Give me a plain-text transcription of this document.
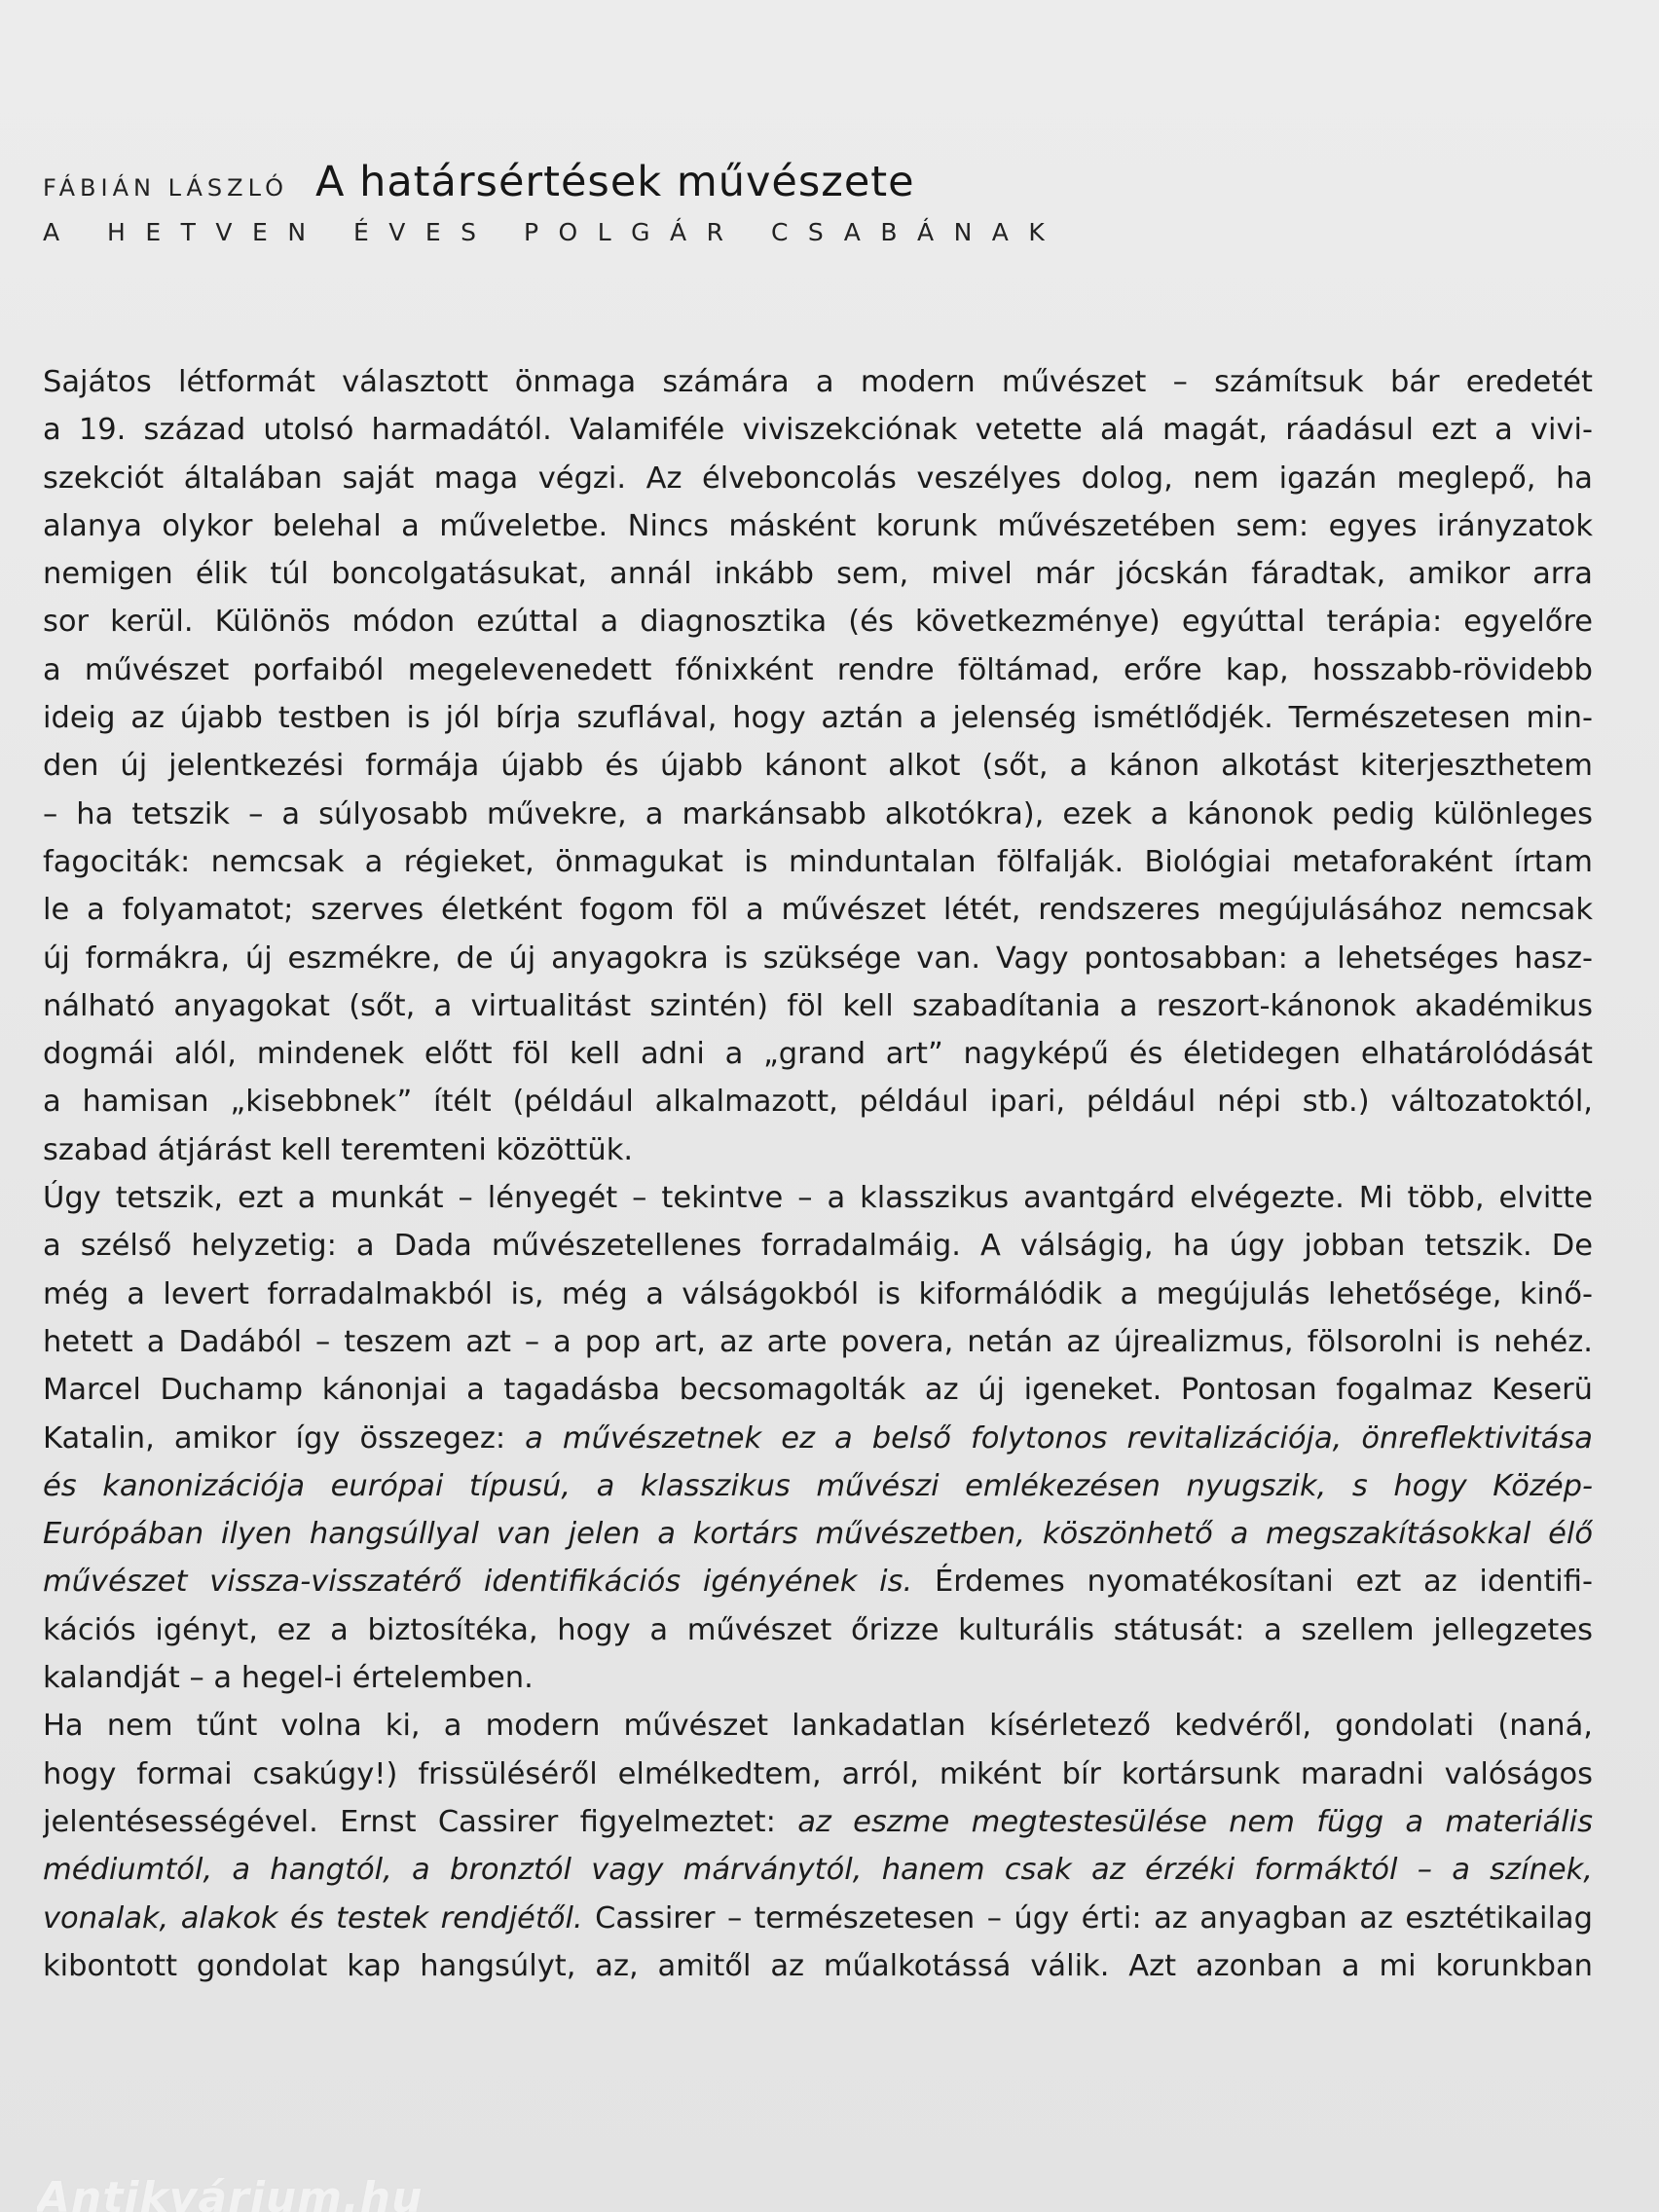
FÁBIÁN LÁSZLÓ A határsértések művészete
A HETVEN ÉVES POLGÁR CSABÁNAK
Sajátos létformát választott önmaga számára a modern művészet – számítsuk bár eredetét
a 19. század utolsó harmadától. Valamiféle viviszekciónak vetette alá magát, ráadásul ezt a vivi-
szekciót általában saját maga végzi. Az élveboncolás veszélyes dolog, nem igazán meglepő, ha
alanya olykor belehal a műveletbe. Nincs másként korunk művészetében sem: egyes irányzatok
nemigen élik túl boncolgatásukat, annál inkább sem, mivel már jócskán fáradtak, amikor arra
sor kerül. Különös módon ezúttal a diagnosztika (és következménye) egyúttal terápia: egyelőre
a művészet porfaiból megelevenedett főnixként rendre föltámad, erőre kap, hosszabb-rövidebb
ideig az újabb testben is jól bírja szuflával, hogy aztán a jelenség ismétlődjék. Természetesen min-
den új jelentkezési formája újabb és újabb kánont alkot (sőt, a kánon alkotást kiterjeszthetem
– ha tetszik – a súlyosabb művekre, a markánsabb alkotókra), ezek a kánonok pedig különleges
fagociták: nemcsak a régieket, önmagukat is minduntalan fölfalják. Biológiai metaforaként írtam
le a folyamatot; szerves életként fogom föl a művészet létét, rendszeres megújulásához nemcsak
új formákra, új eszmékre, de új anyagokra is szüksége van. Vagy pontosabban: a lehetséges hasz-
nálható anyagokat (sőt, a virtualitást szintén) föl kell szabadítania a reszort-kánonok akadémikus
dogmái alól, mindenek előtt föl kell adni a „grand art” nagyképű és életidegen elhatárolódását
a hamisan „kisebbnek” ítélt (például alkalmazott, például ipari, például népi stb.) változatoktól,
szabad átjárást kell teremteni közöttük.
Úgy tetszik, ezt a munkát – lényegét – tekintve – a klasszikus avantgárd elvégezte. Mi több, elvitte
a szélső helyzetig: a Dada művészetellenes forradalmáig. A válságig, ha úgy jobban tetszik. De
még a levert forradalmakból is, még a válságokból is kiformálódik a megújulás lehetősége, kinő-
hetett a Dadából – teszem azt – a pop art, az arte povera, netán az újrealizmus, fölsorolni is nehéz.
Marcel Duchamp kánonjai a tagadásba becsomagolták az új igeneket. Pontosan fogalmaz Keserü
Katalin, amikor így összegez: a művészetnek ez a belső folytonos revitalizációja, önreflektivitása
és kanonizációja európai típusú, a klasszikus művészi emlékezésen nyugszik, s hogy Közép-
Európában ilyen hangsúllyal van jelen a kortárs művészetben, köszönhető a megszakításokkal élő
művészet vissza-visszatérő identifikációs igényének is. Érdemes nyomatékosítani ezt az identifi-
kációs igényt, ez a biztosítéka, hogy a művészet őrizze kulturális státusát: a szellem jellegzetes
kalandját – a hegel-i értelemben.
Ha nem tűnt volna ki, a modern művészet lankadatlan kísérletező kedvéről, gondolati (naná,
hogy formai csakúgy!) frissüléséről elmélkedtem, arról, miként bír kortársunk maradni valóságos
jelentésességével. Ernst Cassirer figyelmeztet: az eszme megtestesülése nem függ a materiális
médiumtól, a hangtól, a bronztól vagy márványtól, hanem csak az érzéki formáktól – a színek,
vonalak, alakok és testek rendjétől. Cassirer – természetesen – úgy érti: az anyagban az esztétikailag
kibontott gondolat kap hangsúlyt, az, amitől az műalkotássá válik. Azt azonban a mi korunkban
Antikvárium.hu
